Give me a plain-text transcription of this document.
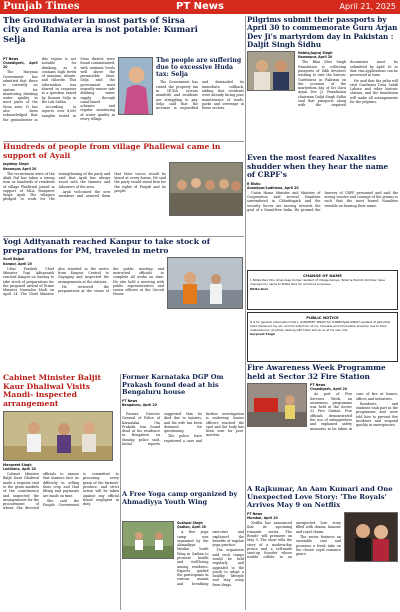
Punjab Times	PT News	April 21, 2025
The Groundwater in most parts of Sirsa city and Rania area is not potable: Kumari Selja
PT News
Chandigarh, April 20

The Haryana Government has admitted that there is currently no system for monitoring drinking water quality in most parts of the Sirsa area. It has also been acknowledged that the groundwater in this region is not suitable for drinking, as it contains high levels of uranium, nitrate, and chloride. This information was shared in response to a question raised by Kumari Selja in the Lok Sabha.

According to reports, over 4,000 samples tested in Sirsa district were found contaminated, with uranium levels well above the permissible limit. Selja said the government must urgently ensure safe drinking water supply through canal-based schemes and regular monitoring of water quality in every village.

The people are suffering due to excessive Huda tax: Selja

The Government has raised the property tax in HUDA sectors manifold, and residents are struggling to pay. Selja said that the increase is unjustified and demanded its immediate rollback, adding that residents were already facing poor maintenance of roads, parks and sewerage in these sectors.

Pilgrims submit their passports by April 30 to commemorate Guru Arjan Dev Ji's martyrdom day in Pakistan : Daljit Singh Sidhu
Nabha/Jugraj Singh
Nawanpur, April 20

The Bhai Sher Singh Foundation is collecting passports of Sikh devotees wishing to visit the historic Gurdwaras in Pakistan on the occasion of the martyrdom day of Sri Guru Arjan Dev Ji. Foundation chairman Daljit Singh Sidhu said that passports along with the required documents must be submitted by April 30 so that visa applications can be processed in time.

He said that the jatha will visit Gurdwara Dera Sahib Lahore and other historic shrines, and the foundation will make all arrangements for the pilgrims.

Even the most feared Naxalites shudder when they hear the name of CRPF's
R Rishu
Anandpur/Ludhiana, April 20

Union Home Minister and Minister of Cooperation said several Naxalites surrendered in Chhattisgarh and the security forces are moving towards the goal of a Naxal-free India. He praised the bravery of CRPF personnel and said the strong resolve and courage of the jawans is such that the most feared Naxalites tremble on hearing their name.

Hundreds of people from village Phallewal came in support of Ayali
Jagdeep Singh
Navanpur, April 20

The recruitment drive of the Akali Dal has taken a strong turn as hundreds of residents of village Phallewal joined in support of MLA Manpreet Singh Ayali. The villagers pledged to work for the strengthening of the party and said that Ayali has always stood with the farmers and labourers of the area.

Ayali welcomed the new members and assured them that their voices would be heard at every forum. He said the party would stand firm for the rights of Punjab and its people.

Yogi Adityanath reached Kanpur to take stock of preparations for PM, traveled in metro
Sunil Bajpai
Kanpur, April 20

Uttar Pradesh Chief Minister Yogi Adityanath reached Kanpur on Sunday to take stock of preparations for the proposed arrival of Prime Minister Narendra Modi on April 24. The Chief Minister also traveled in the metro from Kanpur Central to Nayaganj and inspected the arrangements at the stations.

He reviewed the preparations at the venue of the public meeting and instructed officials to complete all works on time. He also held a meeting with public representatives and senior officers at the Circuit House.

Former Karnataka DGP Om Prakash found dead at his Bengaluru house
PT News
Bengaluru, April 20

Former Director General of Police of Karnataka Om Prakash was found dead at his residence in Bengaluru on Sunday, police said. Initial reports suggested that he died due to injuries, and his wife has been detained for questioning.

The police have registered a case and further investigation is underway. Senior officers reached the spot and the body has been sent for post-mortem.

Cabinet Minister Baljit Kaur Dhaliwal Visits Mandi- inspected arrangement
Manpreet Singh
Ludhiana, April 20

Cabinet Minister Baljit Kaur Dhaliwal made a surprise visit to the grain markets of the constituency and inspected the arrangements for the procurement of wheat. She directed officials to ensure that farmers face no difficulty in selling their crop and that lifting and payments are made on time.

She said the Punjab Government is committed to procuring every grain of the farmers' produce, and strict action will be taken against any official found negligent in duty.

A Free Yoga camp organized by Ahmadiyya Youth Wing
Sukhpal Singh
Qadian, April 20

A free yoga camp was organized by the Ahmadiyya Muslim Youth Wing in Qadian to promote health and well-being among residents. Experts guided the participants in various asanas and breathing exercises and explained the benefits of regular yoga practice.

The organizers said such camps would be held regularly and appealed to the youth to adopt a healthy lifestyle and stay away from drugs.

CHANGE OF NAME
I, Nitika Rani W/o Amandeep Kumar resident of Village Kaloya, Tehsil & District Amritsar have changed my name to Nitika Rani for all future purposes.
Nitika Rani
PUBLIC NOTICE
It is for general information that I, GURPREET SINGH S/o HARBHAJAN SINGH resident of Jalandhar have disowned my son and his wife from all my movable and immovable property due to their misbehaviour. Anybody dealing with them will do so at his own risk.
Gurpreet Singh
Fire Awareness Week Programme held at Sector 32 Fire Station
PT News
Chandigarh, April 20

As part of Fire Services Week, an awareness programme was held at the Sector 32 Fire Station. Fire officials demonstrated the use of extinguishers and explained safety measures to be taken in case of fire at homes, offices and industries.

Residents and students took part in the programme and were told how to prevent fire incidents and respond quickly in emergencies.

A Rajkumar, An Aam Kumari and One Unexpected Love Story: 'The Royals' Arrives May 9 on Netflix
PT News
Mumbai, April 20

Netflix has announced that its upcoming romantic series 'The Royals' will premiere on May 9. The show tells the story of a modern-day prince and a self-made start-up founder whose worlds collide in an unexpected love story filled with drama, humour and royal charm.

The series features an ensemble cast and promises a fresh take on the classic royal romance genre.
